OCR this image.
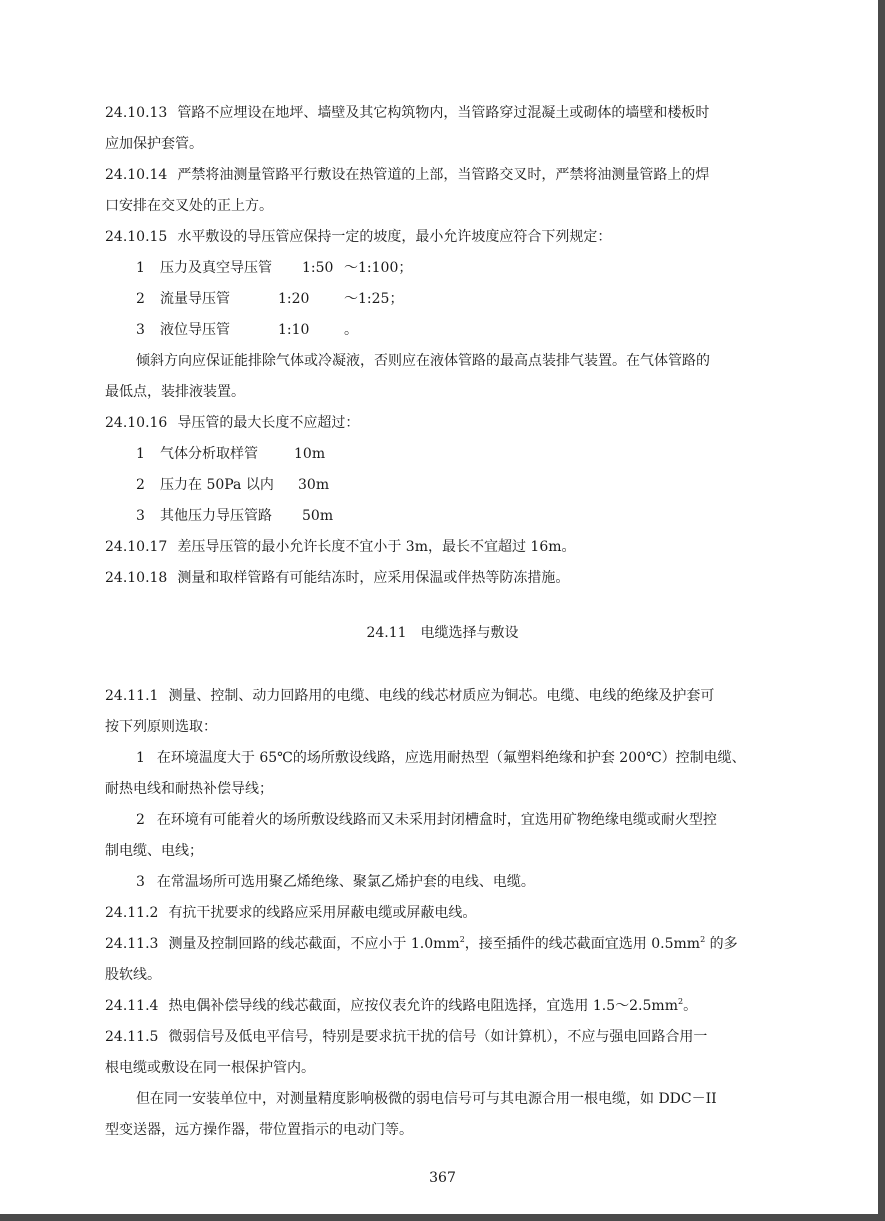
24.10.13 管路不应埋设在地坪、墙壁及其它构筑物内，当管路穿过混凝土或砌体的墙壁和楼板时
应加保护套管。
24.10.14 严禁将油测量管路平行敷设在热管道的上部，当管路交叉时，严禁将油测量管路上的焊
口安排在交叉处的正上方。
24.10.15 水平敷设的导压管应保持一定的坡度，最小允许坡度应符合下列规定：
1 压力及真空导压管 1:50 ～1:100；
2 流量导压管	1:20 ～1:25；
3 液位导压管	1:10 。
倾斜方向应保证能排除气体或冷凝液，否则应在液体管路的最高点装排气装置。在气体管路的
最低点，装排液装置。
24.10.16 导压管的最大长度不应超过：
1 气体分析取样管	10m
2 压力在 50Pa 以内 30m
3 其他压力导压管路 50m
24.10.17 差压导压管的最小允许长度不宜小于 3m，最长不宜超过 16m。
24.10.18 测量和取样管路有可能结冻时，应采用保温或伴热等防冻措施。
24.11 电缆选择与敷设
24.11.1 测量、控制、动力回路用的电缆、电线的线芯材质应为铜芯。电缆、电线的绝缘及护套可
按下列原则选取：
1 在环境温度大于 65℃的场所敷设线路，应选用耐热型（氟塑料绝缘和护套 200℃）控制电缆、
耐热电线和耐热补偿导线；
2 在环境有可能着火的场所敷设线路而又未采用封闭槽盒时，宜选用矿物绝缘电缆或耐火型控
制电缆、电线；
3 在常温场所可选用聚乙烯绝缘、聚氯乙烯护套的电线、电缆。
24.11.2 有抗干扰要求的线路应采用屏蔽电缆或屏蔽电线。
24.11.3 测量及控制回路的线芯截面，不应小于 $1.0mm^2$，接至插件的线芯截面宜选用 $0.5mm^2$ 的多
股软线。
24.11.4 热电偶补偿导线的线芯截面，应按仪表允许的线路电阻选择，宜选用 $1.5\sim 2.5mm^2$。
24.11.5 微弱信号及低电平信号，特别是要求抗干扰的信号（如计算机），不应与强电回路合用一
根电缆或敷设在同一根保护管内。
但在同一安装单位中，对测量精度影响极微的弱电信号可与其电源合用一根电缆，如 DDC－II
型变送器，远方操作器，带位置指示的电动门等。
367
